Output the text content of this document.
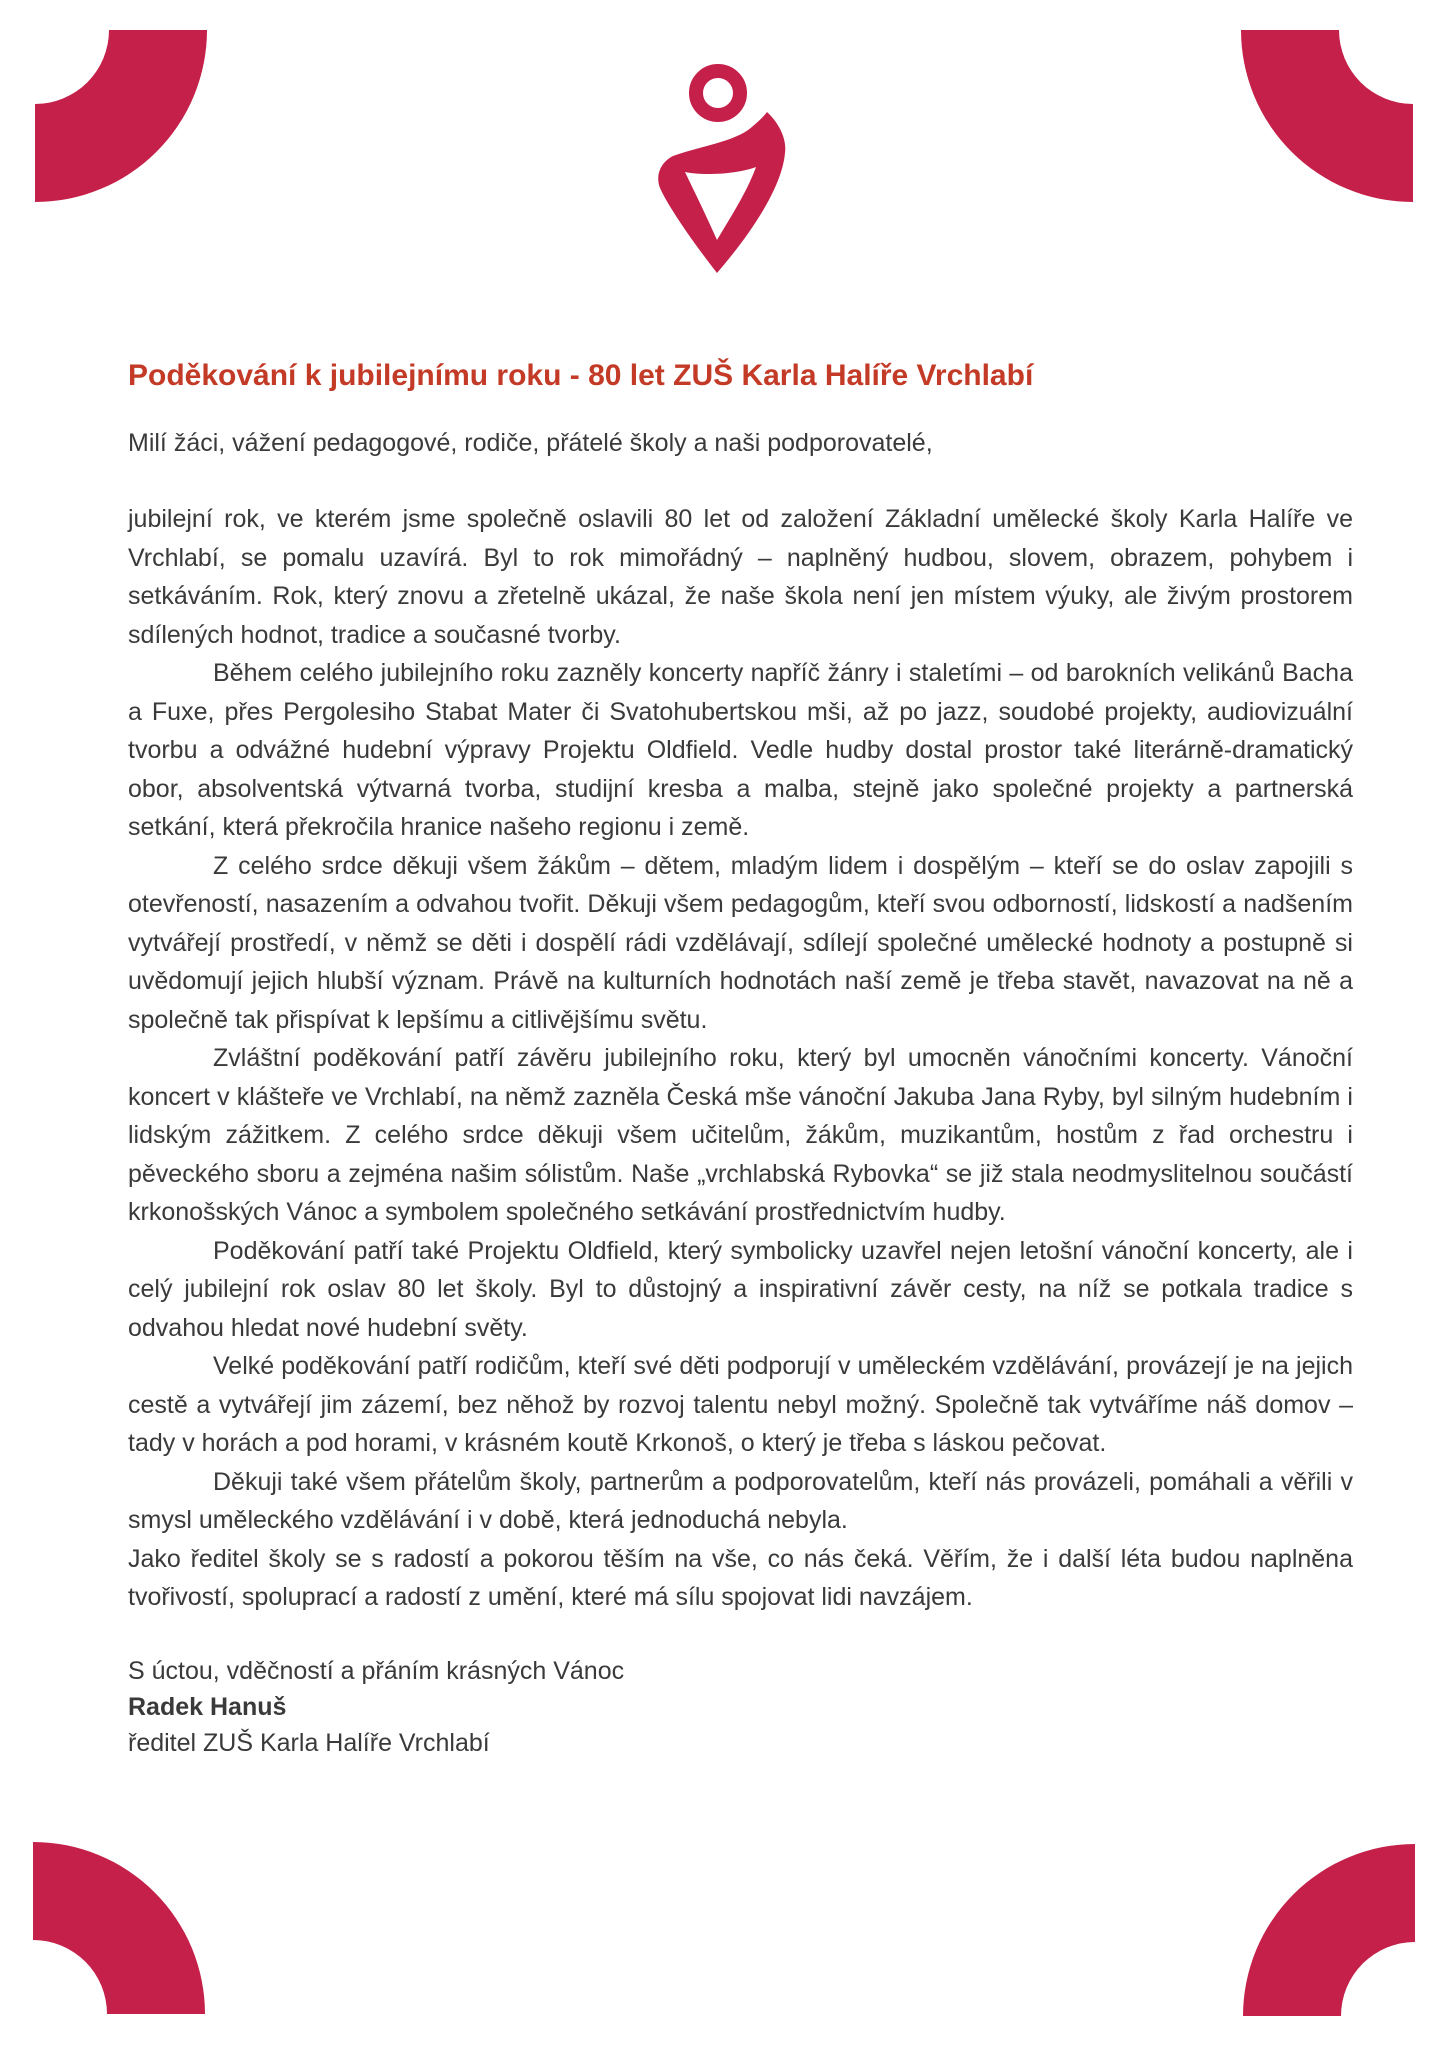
Poděkování k jubilejnímu roku - 80 let ZUŠ Karla Halíře Vrchlabí

Milí žáci, vážení pedagogové, rodiče, přátelé školy a naši podporovatelé,

jubilejní rok, ve kterém jsme společně oslavili 80 let od založení Základní umělecké školy Karla Halíře ve Vrchlabí, se pomalu uzavírá. Byl to rok mimořádný – naplněný hudbou, slovem, obrazem, pohybem i setkáváním. Rok, který znovu a zřetelně ukázal, že naše škola není jen místem výuky, ale živým prostorem sdílených hodnot, tradice a současné tvorby.

Během celého jubilejního roku zazněly koncerty napříč žánry i staletími – od barokních velikánů Bacha a Fuxe, přes Pergolesiho Stabat Mater či Svatohubertskou mši, až po jazz, soudobé projekty, audiovizuální tvorbu a odvážné hudební výpravy Projektu Oldfield. Vedle hudby dostal prostor také literárně-dramatický obor, absolventská výtvarná tvorba, studijní kresba a malba, stejně jako společné projekty a partnerská setkání, která překročila hranice našeho regionu i země.

Z celého srdce děkuji všem žákům – dětem, mladým lidem i dospělým – kteří se do oslav zapojili s otevřeností, nasazením a odvahou tvořit. Děkuji všem pedagogům, kteří svou odborností, lidskostí a nadšením vytvářejí prostředí, v němž se děti i dospělí rádi vzdělávají, sdílejí společné umělecké hodnoty a postupně si uvědomují jejich hlubší význam. Právě na kulturních hodnotách naší země je třeba stavět, navazovat na ně a společně tak přispívat k lepšímu a citlivějšímu světu.

Zvláštní poděkování patří závěru jubilejního roku, který byl umocněn vánočními koncerty. Vánoční koncert v klášteře ve Vrchlabí, na němž zazněla Česká mše vánoční Jakuba Jana Ryby, byl silným hudebním i lidským zážitkem. Z celého srdce děkuji všem učitelům, žákům, muzikantům, hostům z řad orchestru i pěveckého sboru a zejména našim sólistům. Naše „vrchlabská Rybovka“ se již stala neodmyslitelnou součástí krkonošských Vánoc a symbolem společného setkávání prostřednictvím hudby.

Poděkování patří také Projektu Oldfield, který symbolicky uzavřel nejen letošní vánoční koncerty, ale i celý jubilejní rok oslav 80 let školy. Byl to důstojný a inspirativní závěr cesty, na níž se potkala tradice s odvahou hledat nové hudební světy.

Velké poděkování patří rodičům, kteří své děti podporují v uměleckém vzdělávání, provázejí je na jejich cestě a vytvářejí jim zázemí, bez něhož by rozvoj talentu nebyl možný. Společně tak vytváříme náš domov – tady v horách a pod horami, v krásném koutě Krkonoš, o který je třeba s láskou pečovat.

Děkuji také všem přátelům školy, partnerům a podporovatelům, kteří nás provázeli, pomáhali a věřili v smysl uměleckého vzdělávání i v době, která jednoduchá nebyla.

Jako ředitel školy se s radostí a pokorou těším na vše, co nás čeká. Věřím, že i další léta budou naplněna tvořivostí, spoluprací a radostí z umění, které má sílu spojovat lidi navzájem.

S úctou, vděčností a přáním krásných Vánoc
Radek Hanuš
ředitel ZUŠ Karla Halíře Vrchlabí
